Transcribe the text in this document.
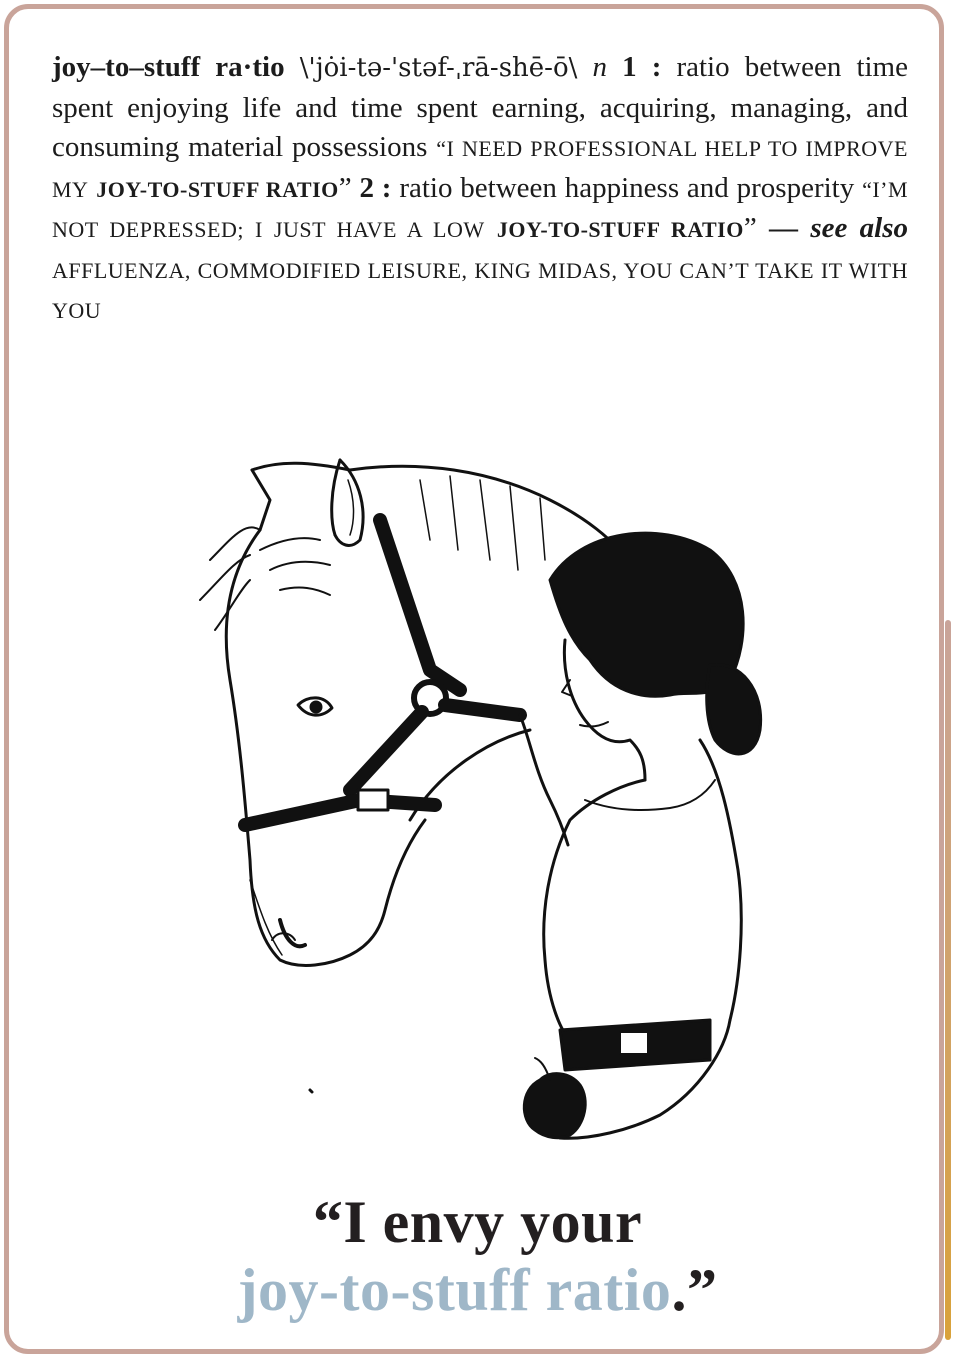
joy–to–stuff ra·tio \'jȯi-tə-'stəf-ˌrā-shē-ō\ n 1 : ratio between time spent enjoying life and time spent earning, acquiring, managing, and consuming material possessions “I NEED PROFESSIONAL HELP TO IMPROVE MY JOY-TO-STUFF RATIO” 2 : ratio between happiness and prosperity “I’M NOT DEPRESSED; I JUST HAVE A LOW JOY-TO-STUFF RATIO” — see also AFFLUENZA, COMMODIFIED LEISURE, KING MIDAS, YOU CAN’T TAKE IT WITH YOU
“I envy your
joy-to-stuff ratio.”
